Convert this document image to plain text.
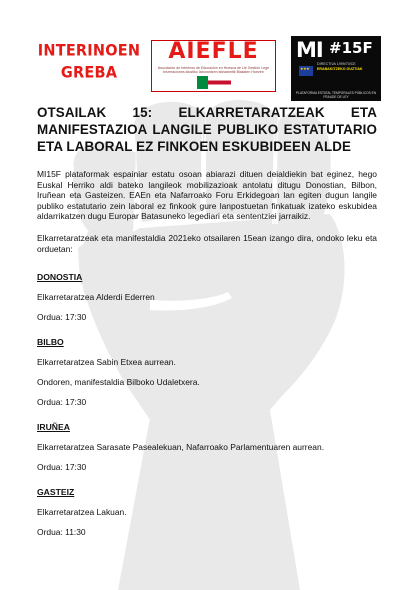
INTERINOEN
GREBA
AIEFLE
Asociación de Interinos de Educación en Huesca de Lle Gestión Lege bezeraciones idustiko laborantzen isleadnetik Biakalen Huezen
MI #15F
★★★
DIRECTIVA 1999/70/CE
ERABAKITZEKO GUZTIAK
PLATAFORMA ESTATAL TEMPORALES PÚBLICOS EN FRAUDE DE LEY

OTSAILAK 15: ELKARRETARATZEAK ETA MANIFESTAZIOA LANGILE PUBLIKO ESTATUTARIO ETA LABORAL EZ FINKOEN ESKUBIDEEN ALDE

MI15F plataformak espainiar estatu osoan abiarazi dituen deialdiekin bat eginez, hego Euskal Herriko aldi bateko langileok mobilizazioak antolatu ditugu Donostian, Bilbon, Iruñean eta Gasteizen. EAEn eta Nafarroako Foru Erkidegoan lan egiten dugun langile publiko estatutario zein laboral ez finkook gure lanpostuetan finkatuak izateko eskubidea aldarrikatzen dugu Europar Batasuneko legediari eta sententziei jarraikiz.

Elkarretaratzeak eta manifestaldia 2021eko otsailaren 15ean izango dira, ondoko leku eta orduetan:

DONOSTIA

Elkarretaratzea Alderdi Ederren

Ordua: 17:30

BILBO

Elkarretaratzea Sabin Etxea aurrean.

Ondoren, manifestaldia Bilboko Udaletxera.

Ordua: 17:30

IRUÑEA

Elkarretaratzea Sarasate Pasealekuan, Nafarroako Parlamentuaren aurrean.

Ordua: 17:30

GASTEIZ

Elkarretaratzea Lakuan.

Ordua: 11:30
